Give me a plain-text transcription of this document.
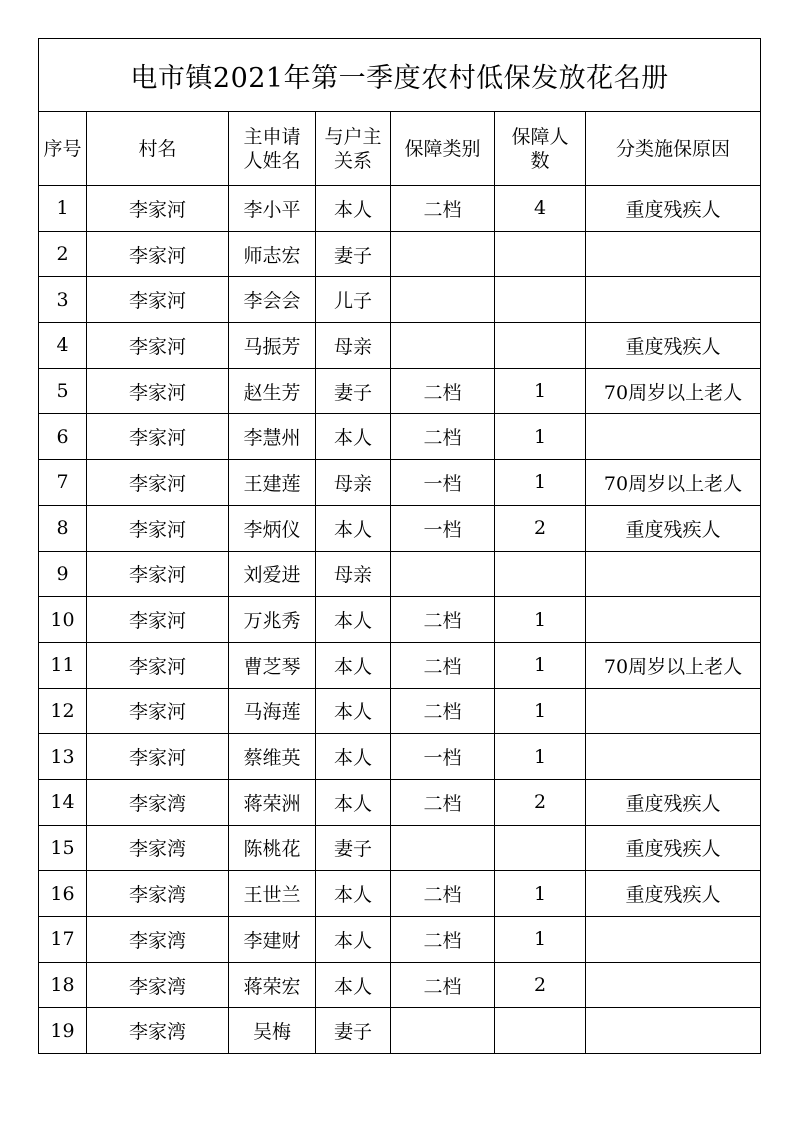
电市镇2021年第一季度农村低保发放花名册						
序号	村名	主申请人姓名	与户主关系	保障类别	保障人数	分类施保原因
1	李家河	李小平	本人	二档	4	重度残疾人
2	李家河	师志宏	妻子			
3	李家河	李会会	儿子			
4	李家河	马振芳	母亲			重度残疾人
5	李家河	赵生芳	妻子	二档	1	70周岁以上老人
6	李家河	李慧州	本人	二档	1	
7	李家河	王建莲	母亲	一档	1	70周岁以上老人
8	李家河	李炳仪	本人	一档	2	重度残疾人
9	李家河	刘爱进	母亲			
10	李家河	万兆秀	本人	二档	1	
11	李家河	曹芝琴	本人	二档	1	70周岁以上老人
12	李家河	马海莲	本人	二档	1	
13	李家河	蔡维英	本人	一档	1	
14	李家湾	蒋荣洲	本人	二档	2	重度残疾人
15	李家湾	陈桃花	妻子			重度残疾人
16	李家湾	王世兰	本人	二档	1	重度残疾人
17	李家湾	李建财	本人	二档	1	
18	李家湾	蒋荣宏	本人	二档	2	
19	李家湾	吴梅	妻子			
